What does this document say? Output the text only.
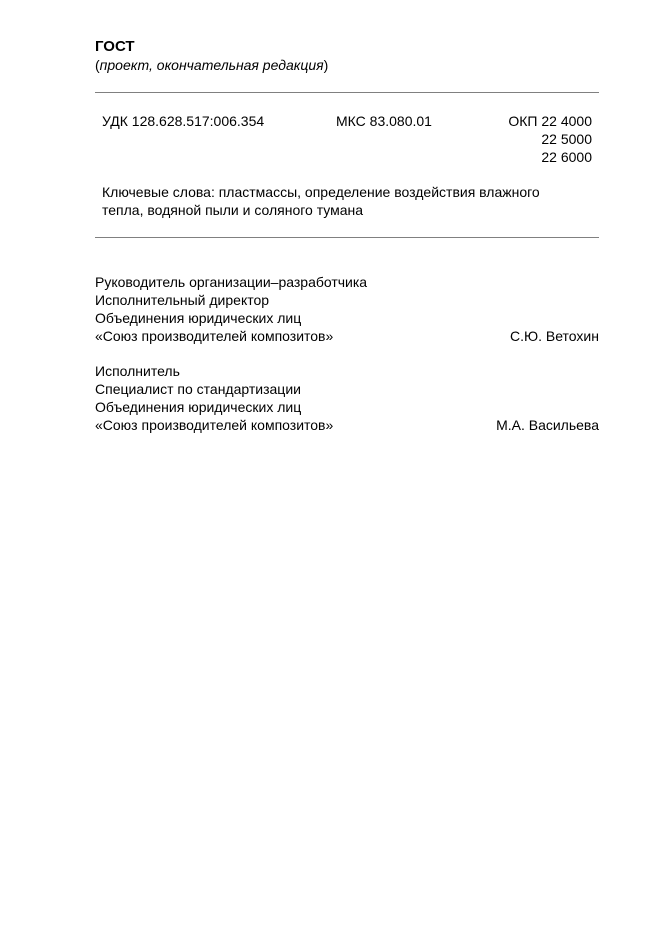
ГОСТ
(проект, окончательная редакция)
УДК 128.628.517:006.354	МКС 83.080.01	ОКП 22 4000
22 5000
22 6000
Ключевые слова: пластмассы, определение воздействия влажного
тепла, водяной пыли и соляного тумана
Руководитель организации–разработчика
Исполнительный директор
Объединения юридических лиц
«Союз производителей композитов»	С.Ю. Ветохин
Исполнитель
Специалист по стандартизации
Объединения юридических лиц
«Союз производителей композитов»	М.А. Васильева
